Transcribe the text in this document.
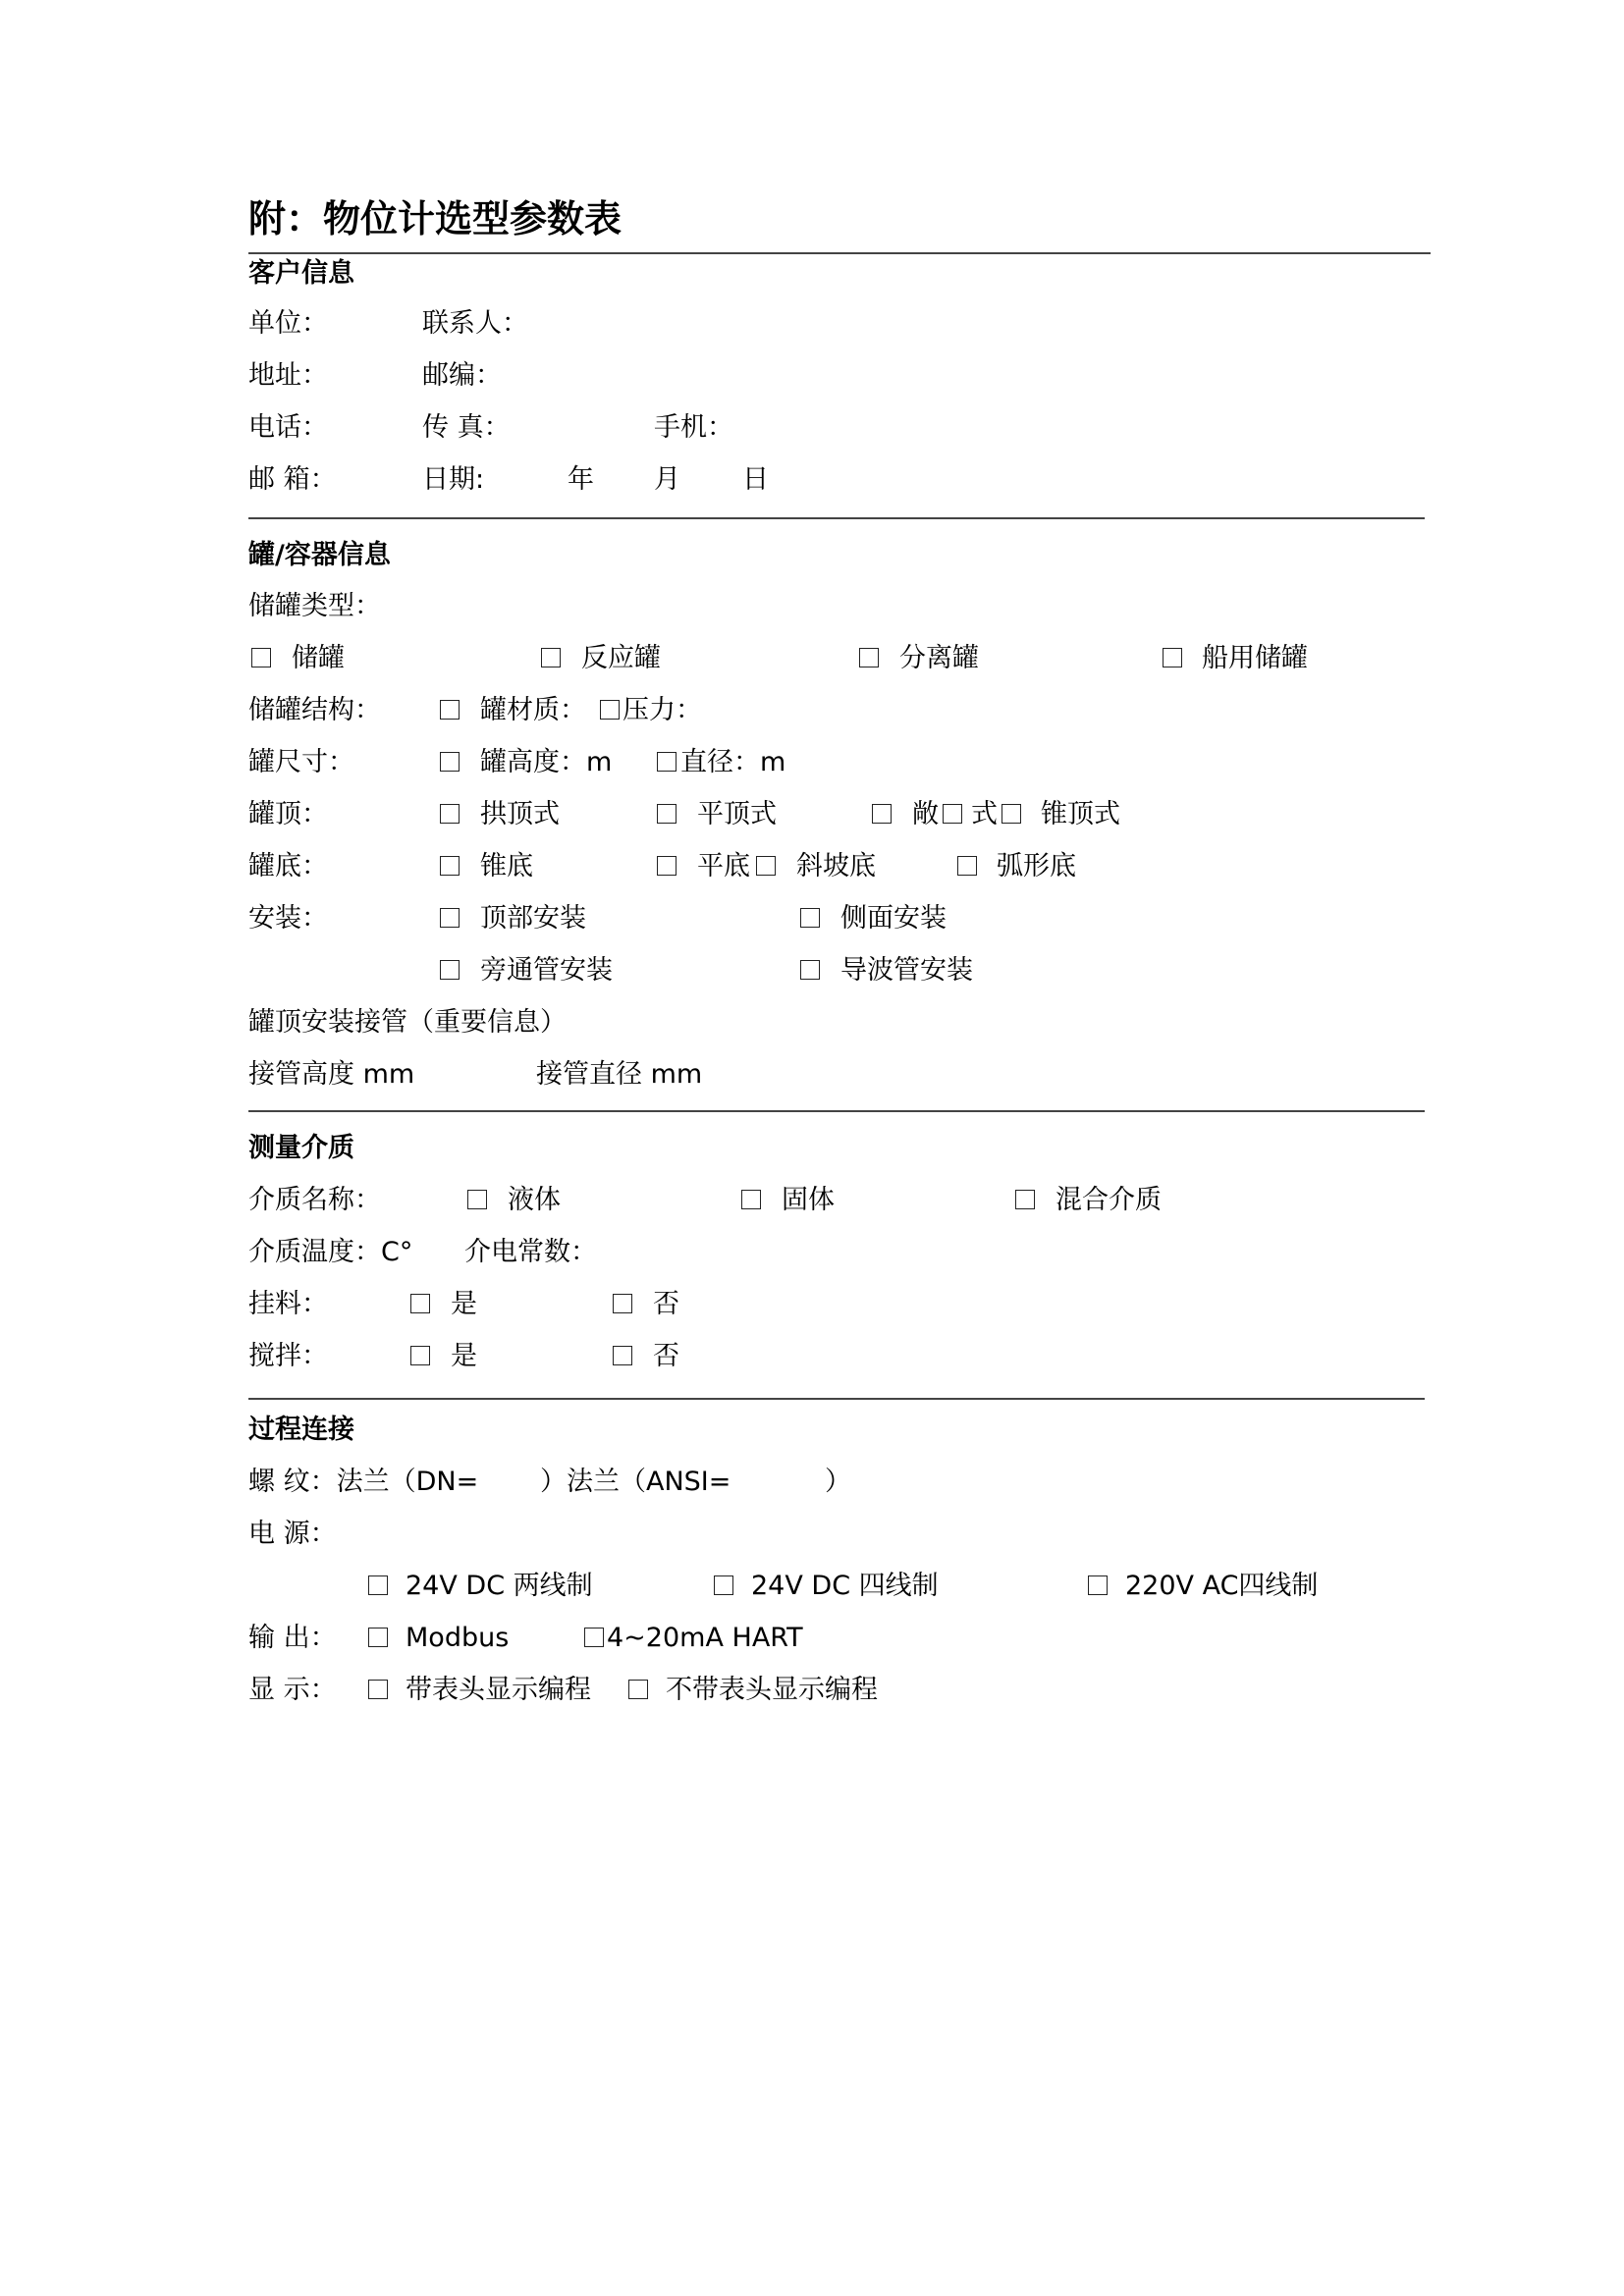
附：物位计选型参数表
客户信息
单位：	联系人：
地址：	邮编：
电话：	传 真：	手机：
邮 箱：	日期:	年 月 日
罐/容器信息
储罐类型：
储罐	反应罐	分离罐	船用储罐
储罐结构：	罐材质： 压力：
罐尺寸：	罐高度：m	直径：m
罐顶：	拱顶式	平顶式	敞 式 锥顶式
罐底：	锥底	平底 斜坡底	弧形底
安装：	顶部安装	侧面安装
旁通管安装	导波管安装
罐顶安装接管（重要信息）
接管高度 mm	接管直径 mm
测量介质
介质名称：	液体	固体	混合介质
介质温度：C° 介电常数：
挂料：	是	否
搅拌：	是	否
过程连接
螺 纹：法兰（DN= ）法兰（ANSI=	）
电 源：
24V DC 两线制	24V DC 四线制	220V AC四线制
输 出：	Modbus	4~20mA HART
显 示：	带表头显示编程	不带表头显示编程
